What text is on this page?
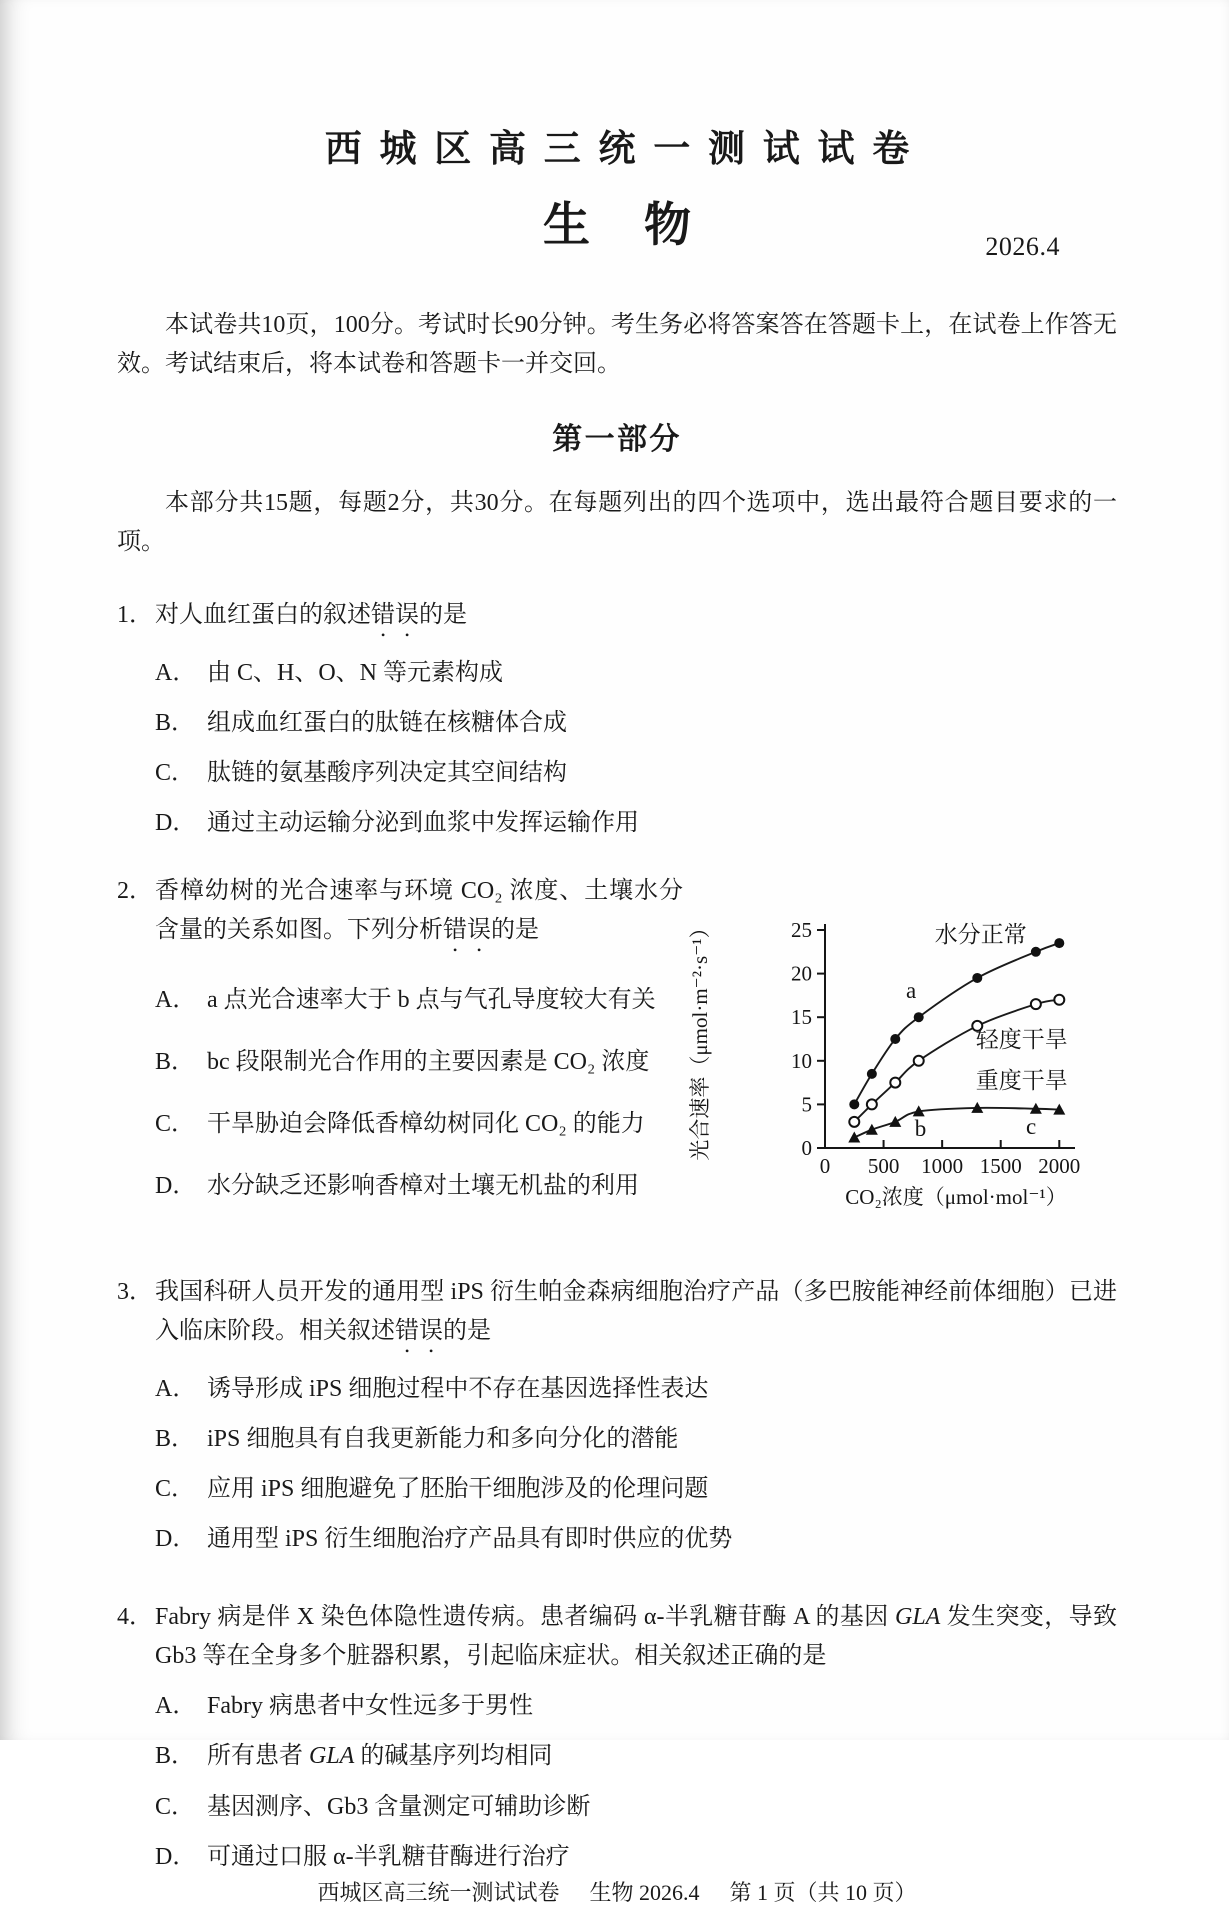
西城区高三统一测试试卷
生物	2026.4

本试卷共10页，100分。考试时长90分钟。考生务必将答案答在答题卡上，在试卷上作答无效。考试结束后，将本试卷和答题卡一并交回。

第一部分

本部分共15题，每题2分，共30分。在每题列出的四个选项中，选出最符合题目要求的一项。

1． 对人血红蛋白的叙述错误的是

A． 由 C、H、O、N 等元素构成
B． 组成血红蛋白的肽链在核糖体合成
C． 肽链的氨基酸序列决定其空间结构
D． 通过主动运输分泌到血浆中发挥运输作用
2． 香樟幼树的光合速率与环境 CO₂ 浓度、土壤水分含量的关系如图。下列分析错误的是

A． a 点光合速率大于 b 点与气孔导度较大有关
B． bc 段限制光合作用的主要因素是 CO₂ 浓度
C． 干旱胁迫会降低香樟幼树同化 CO₂ 的能力
D． 水分缺乏还影响香樟对土壤无机盐的利用
0
5
10
15
20
25
0 500 1000 1500 2000
水分正常
轻度干旱
重度干旱
a
b	c
CO₂浓度（μmol·mol⁻¹）
光合速率（μmol·m⁻²·s⁻¹）
3． 我国科研人员开发的通用型 iPS 衍生帕金森病细胞治疗产品（多巴胺能神经前体细胞）已进入临床阶段。相关叙述错误的是

A． 诱导形成 iPS 细胞过程中不存在基因选择性表达
B． iPS 细胞具有自我更新能力和多向分化的潜能
C． 应用 iPS 细胞避免了胚胎干细胞涉及的伦理问题
D． 通用型 iPS 衍生细胞治疗产品具有即时供应的优势
4． Fabry 病是伴 X 染色体隐性遗传病。患者编码 α-半乳糖苷酶 A 的基因 GLA 发生突变，导致 Gb3 等在全身多个脏器积累，引起临床症状。相关叙述正确的是

A． Fabry 病患者中女性远多于男性
B． 所有患者 GLA 的碱基序列均相同
C． 基因测序、Gb3 含量测定可辅助诊断
D． 可通过口服 α-半乳糖苷酶进行治疗
西城区高三统一测试试卷 生物 2026.4 第 1 页（共 10 页）
